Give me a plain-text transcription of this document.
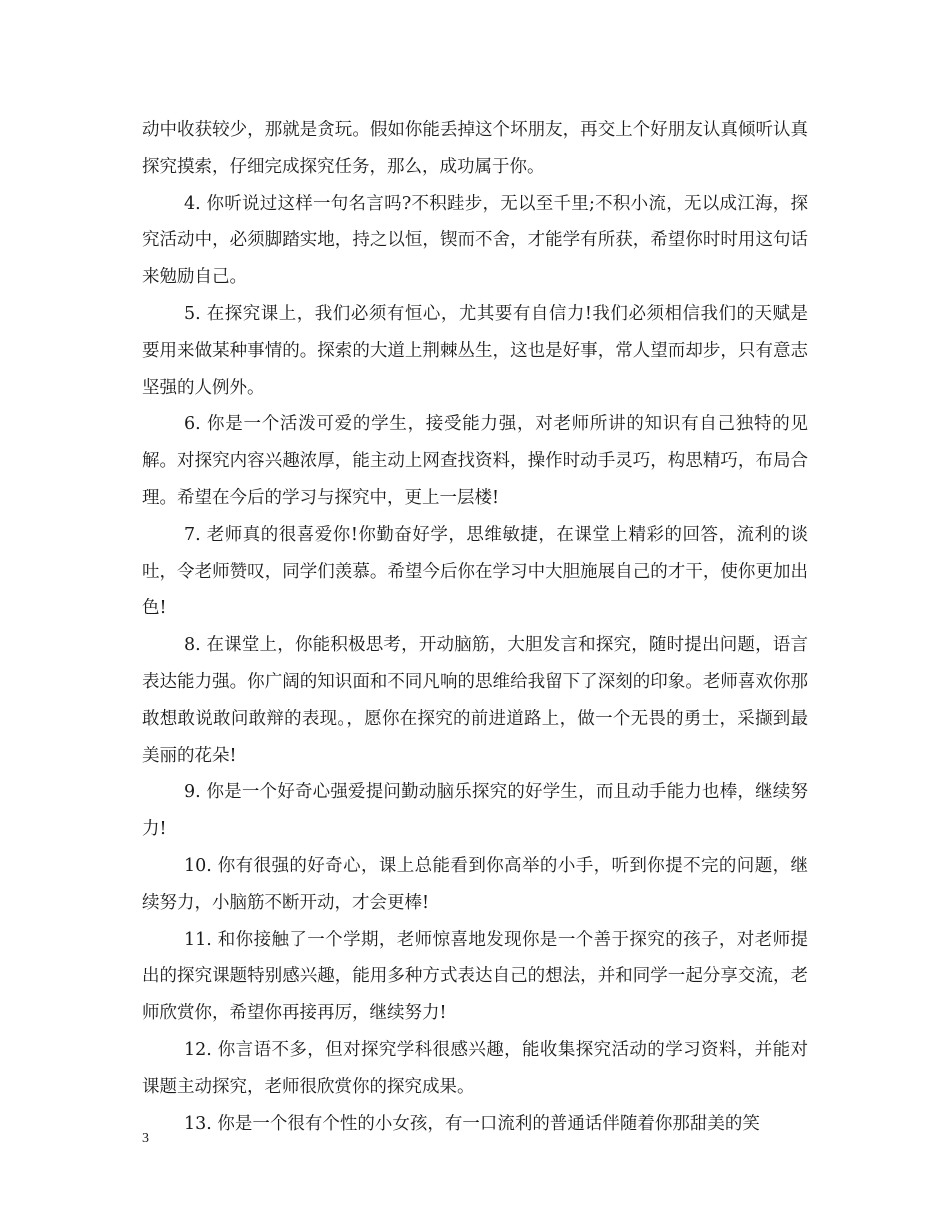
动中收获较少，那就是贪玩。假如你能丢掉这个坏朋友，再交上个好朋友认真倾听认真探究摸索，仔细完成探究任务，那么，成功属于你。

4. 你听说过这样一句名言吗?不积跬步，无以至千里;不积小流，无以成江海，探究活动中，必须脚踏实地，持之以恒，锲而不舍，才能学有所获，希望你时时用这句话来勉励自己。

5. 在探究课上，我们必须有恒心，尤其要有自信力!我们必须相信我们的天赋是要用来做某种事情的。探索的大道上荆棘丛生，这也是好事，常人望而却步，只有意志坚强的人例外。

6. 你是一个活泼可爱的学生，接受能力强，对老师所讲的知识有自己独特的见解。对探究内容兴趣浓厚，能主动上网查找资料，操作时动手灵巧，构思精巧，布局合理。希望在今后的学习与探究中，更上一层楼!

7. 老师真的很喜爱你!你勤奋好学，思维敏捷，在课堂上精彩的回答，流利的谈吐，令老师赞叹，同学们羡慕。希望今后你在学习中大胆施展自己的才干，使你更加出色!

8. 在课堂上，你能积极思考，开动脑筋，大胆发言和探究，随时提出问题，语言表达能力强。你广阔的知识面和不同凡响的思维给我留下了深刻的印象。老师喜欢你那敢想敢说敢问敢辩的表现。，愿你在探究的前进道路上，做一个无畏的勇士，采撷到最美丽的花朵!

9. 你是一个好奇心强爱提问勤动脑乐探究的好学生，而且动手能力也棒，继续努力!

10. 你有很强的好奇心，课上总能看到你高举的小手，听到你提不完的问题，继续努力，小脑筋不断开动，才会更棒!

11. 和你接触了一个学期，老师惊喜地发现你是一个善于探究的孩子，对老师提出的探究课题特别感兴趣，能用多种方式表达自己的想法，并和同学一起分享交流，老师欣赏你，希望你再接再厉，继续努力!

12. 你言语不多，但对探究学科很感兴趣，能收集探究活动的学习资料，并能对课题主动探究，老师很欣赏你的探究成果。

13. 你是一个很有个性的小女孩，有一口流利的普通话伴随着你那甜美的笑

3
